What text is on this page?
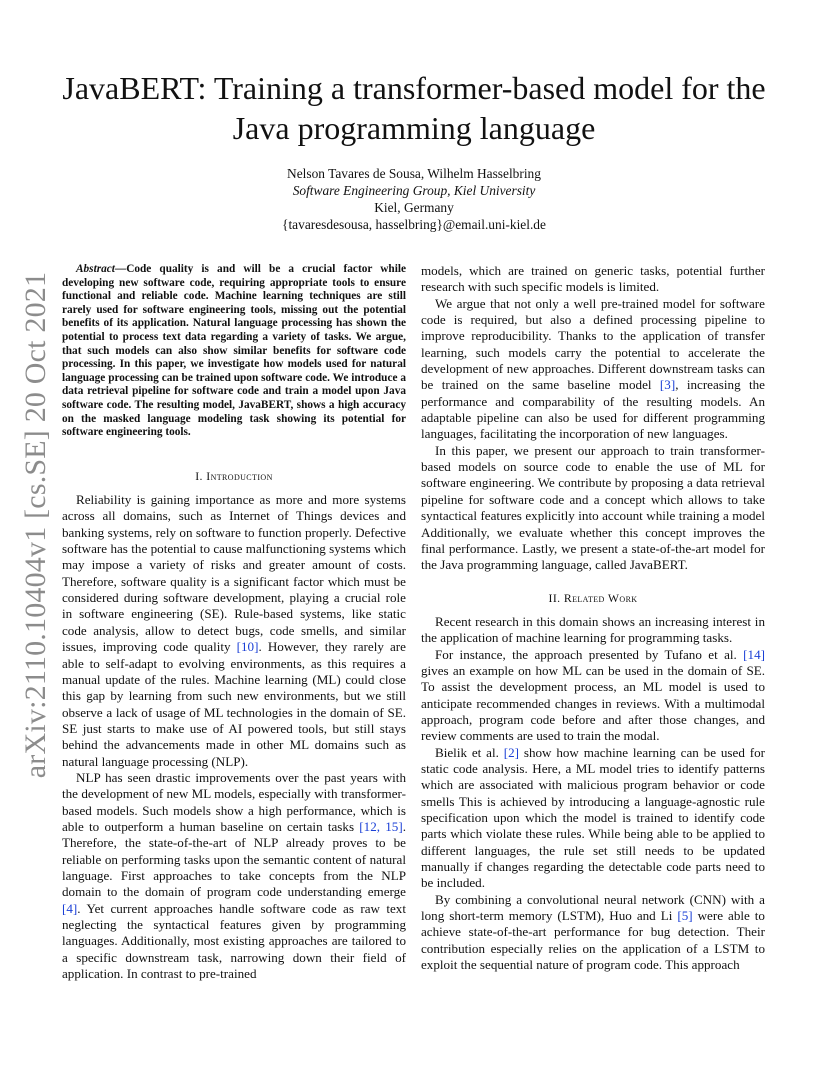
arXiv:2110.10404v1 [cs.SE] 20 Oct 2021
JavaBERT: Training a transformer-based model for the Java programming language
Nelson Tavares de Sousa, Wilhelm Hasselbring
Software Engineering Group, Kiel University
Kiel, Germany
{tavaresdesousa, hasselbring}@email.uni-kiel.de

Abstract—Code quality is and will be a crucial factor while developing new software code, requiring appropriate tools to ensure functional and reliable code. Machine learning techniques are still rarely used for software engineering tools, missing out the potential benefits of its application. Natural language processing has shown the potential to process text data regarding a variety of tasks. We argue, that such models can also show similar benefits for software code processing. In this paper, we investigate how models used for natural language processing can be trained upon software code. We introduce a data retrieval pipeline for software code and train a model upon Java software code. The resulting model, JavaBERT, shows a high accuracy on the masked language modeling task showing its potential for software engineering tools.

I. Introduction

Reliability is gaining importance as more and more systems across all domains, such as Internet of Things devices and banking systems, rely on software to function properly. Defective software has the potential to cause malfunctioning systems which may impose a variety of risks and greater amount of costs. Therefore, software quality is a significant factor which must be considered during software development, playing a crucial role in software engineering (SE). Rule-based systems, like static code analysis, allow to detect bugs, code smells, and similar issues, improving code quality [10]. However, they rarely are able to self-adapt to evolving environments, as this requires a manual update of the rules. Machine learning (ML) could close this gap by learning from such new environments, but we still observe a lack of usage of ML technologies in the domain of SE. SE just starts to make use of AI powered tools, but still stays behind the advancements made in other ML domains such as natural language processing (NLP).

NLP has seen drastic improvements over the past years with the development of new ML models, especially with transformer-based models. Such models show a high performance, which is able to outperform a human baseline on certain tasks [12, 15]. Therefore, the state-of-the-art of NLP already proves to be reliable on performing tasks upon the semantic content of natural language. First approaches to take concepts from the NLP domain to the domain of program code understanding emerge [4]. Yet current approaches handle software code as raw text neglecting the syntactical features given by programming languages. Additionally, most existing approaches are tailored to a specific downstream task, narrowing down their field of application. In contrast to pre-trained

models, which are trained on generic tasks, potential further research with such specific models is limited.

We argue that not only a well pre-trained model for software code is required, but also a defined processing pipeline to improve reproducibility. Thanks to the application of transfer learning, such models carry the potential to accelerate the development of new approaches. Different downstream tasks can be trained on the same baseline model [3], increasing the performance and comparability of the resulting models. An adaptable pipeline can also be used for different programming languages, facilitating the incorporation of new languages.

In this paper, we present our approach to train transformer-based models on source code to enable the use of ML for software engineering. We contribute by proposing a data retrieval pipeline for software code and a concept which allows to take syntactical features explicitly into account while training a model Additionally, we evaluate whether this concept improves the final performance. Lastly, we present a state-of-the-art model for the Java programming language, called JavaBERT.

II. Related Work

Recent research in this domain shows an increasing interest in the application of machine learning for programming tasks.

For instance, the approach presented by Tufano et al. [14] gives an example on how ML can be used in the domain of SE. To assist the development process, an ML model is used to anticipate recommended changes in reviews. With a multimodal approach, program code before and after those changes, and review comments are used to train the modal.

Bielik et al. [2] show how machine learning can be used for static code analysis. Here, a ML model tries to identify patterns which are associated with malicious program behavior or code smells This is achieved by introducing a language-agnostic rule specification upon which the model is trained to identify code parts which violate these rules. While being able to be applied to different languages, the rule set still needs to be updated manually if changes regarding the detectable code parts need to be included.

By combining a convolutional neural network (CNN) with a long short-term memory (LSTM), Huo and Li [5] were able to achieve state-of-the-art performance for bug detection. Their contribution especially relies on the application of a LSTM to exploit the sequential nature of program code. This approach
